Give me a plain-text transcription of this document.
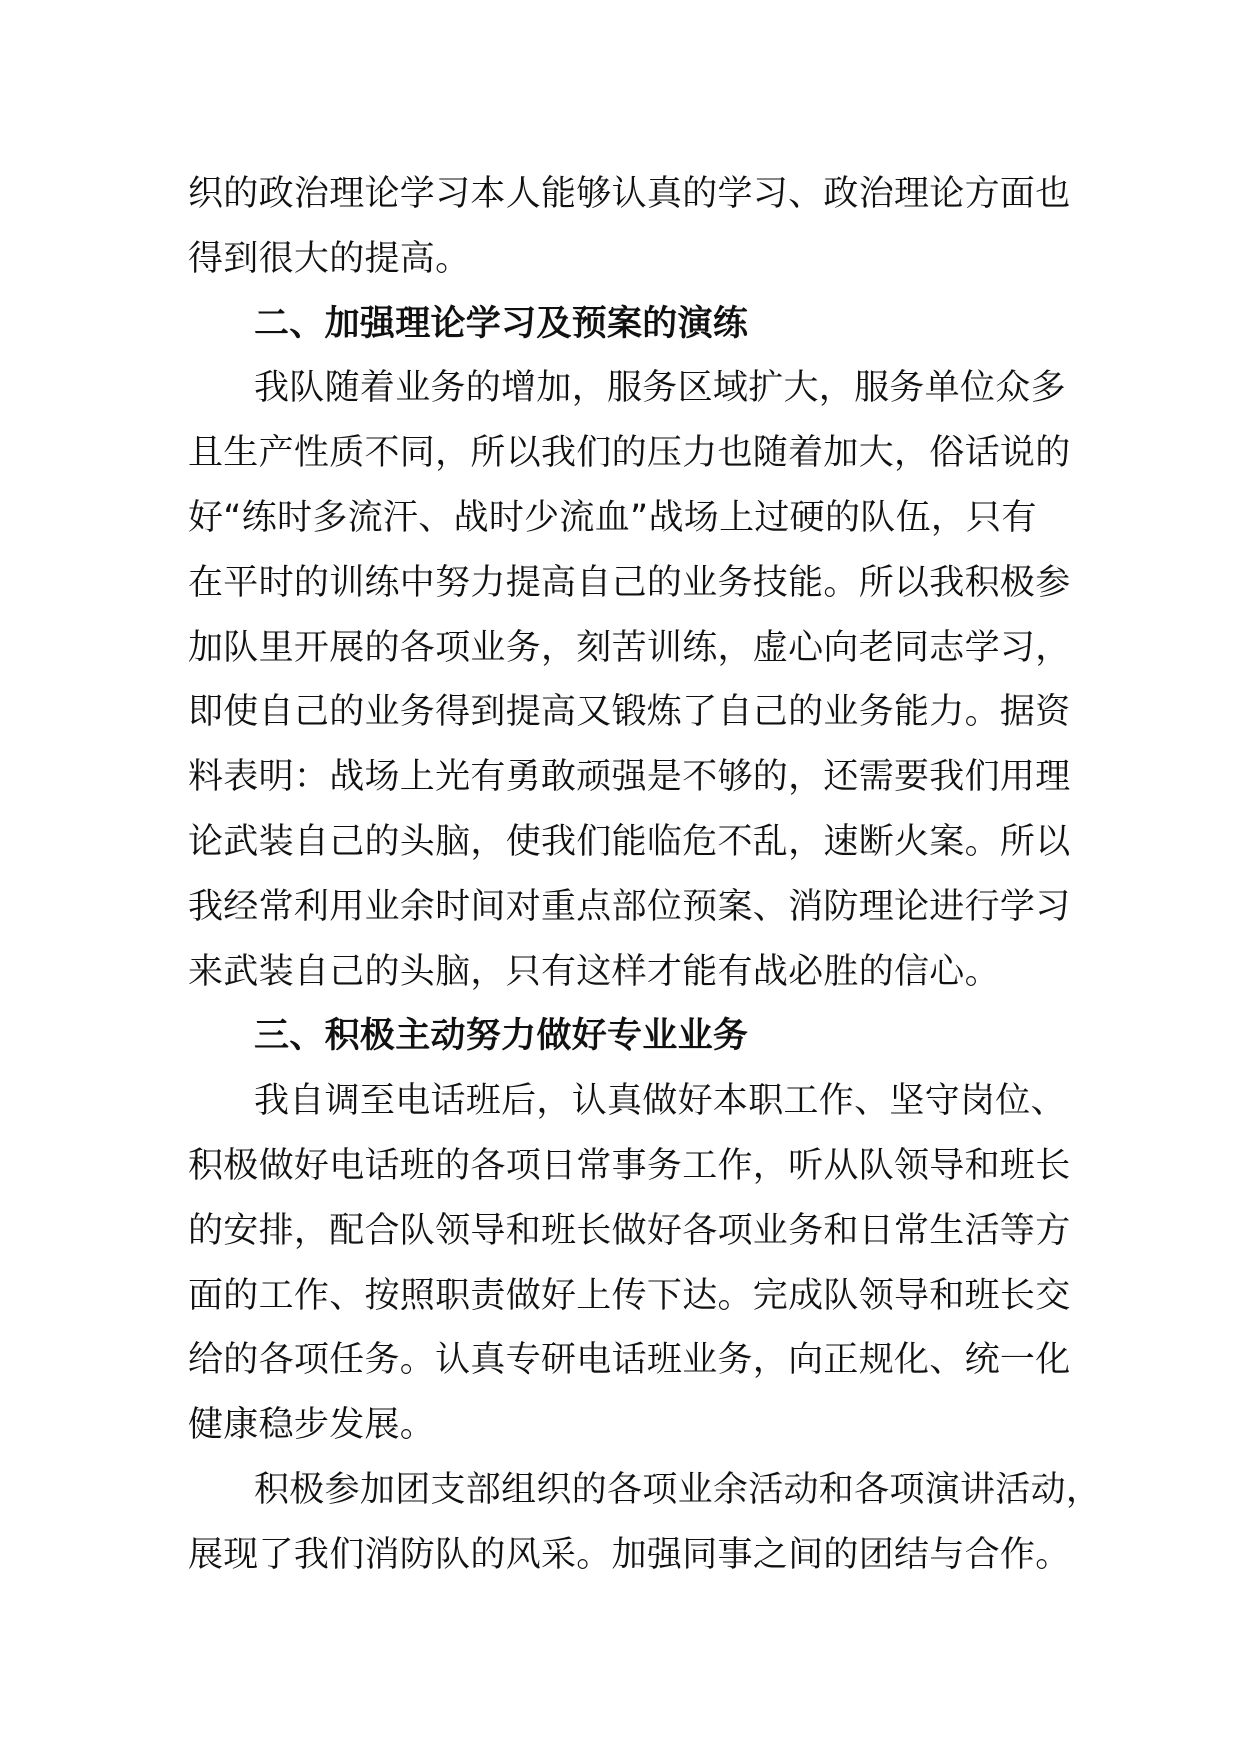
织的政治理论学习本人能够认真的学习、政治理论方面也
得到很大的提高。
二、加强理论学习及预案的演练
我队随着业务的增加，服务区域扩大，服务单位众多
且生产性质不同，所以我们的压力也随着加大，俗话说的
好“练时多流汗、战时少流血”战场上过硬的队伍，只有
在平时的训练中努力提高自己的业务技能。所以我积极参
加队里开展的各项业务，刻苦训练，虚心向老同志学习，
即使自己的业务得到提高又锻炼了自己的业务能力。据资
料表明：战场上光有勇敢顽强是不够的，还需要我们用理
论武装自己的头脑，使我们能临危不乱，速断火案。所以
我经常利用业余时间对重点部位预案、消防理论进行学习
来武装自己的头脑，只有这样才能有战必胜的信心。
三、积极主动努力做好专业业务
我自调至电话班后，认真做好本职工作、坚守岗位、
积极做好电话班的各项日常事务工作，听从队领导和班长
的安排，配合队领导和班长做好各项业务和日常生活等方
面的工作、按照职责做好上传下达。完成队领导和班长交
给的各项任务。认真专研电话班业务，向正规化、统一化
健康稳步发展。
积极参加团支部组织的各项业余活动和各项演讲活动，
展现了我们消防队的风采。加强同事之间的团结与合作。
